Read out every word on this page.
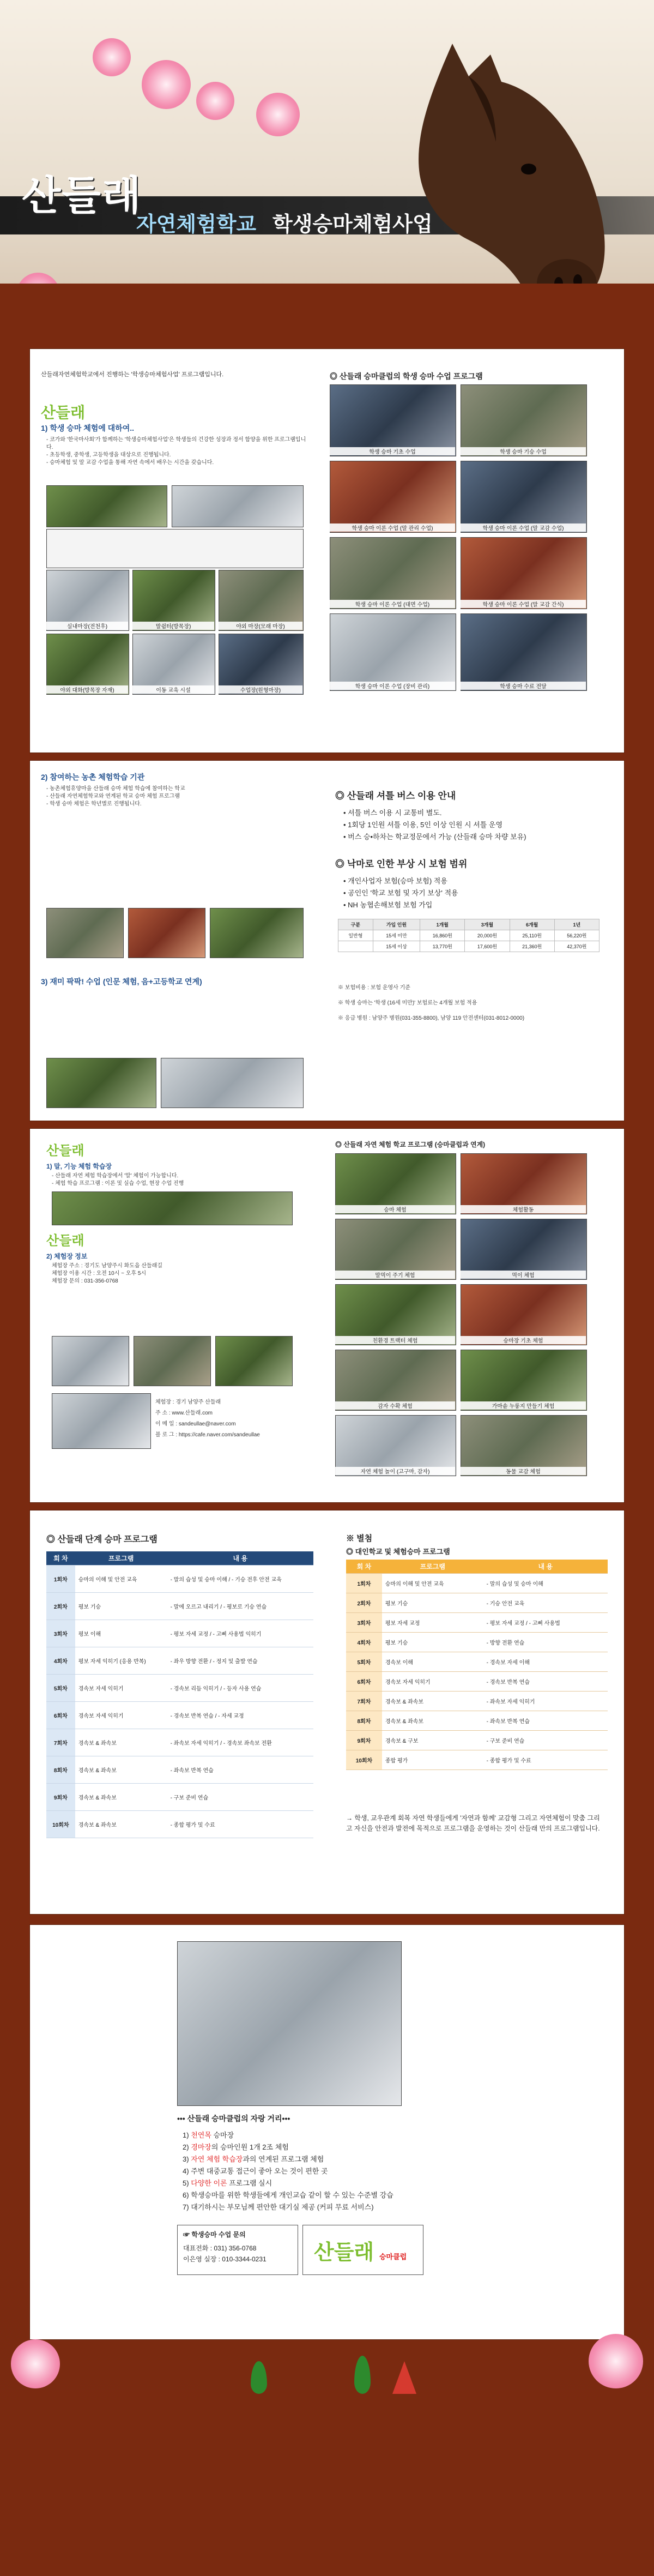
산들래
자연체험학교 학생승마체험사업
산들래자연체험학교에서 진행하는 '학생승마체험사업' 프로그램입니다.
산들래
1) 학생 승마 체험에 대하여..
- 코가와 '한국마사회'가 함께하는 '학생승마체험사업'은 학생들의 건강한 성장과 정서 함양을 위한 프로그램입니다.
- 초등학생, 중학생, 고등학생을 대상으로 진행됩니다.
- 승마체험 및 말 교감 수업을 통해 자연 속에서 배우는 시간을 갖습니다.
실내마장(전천후)	말쉼터(방목장)	야외 마장(모래 마장)
야외 대화(방목장 자재)	이동 교육 시설	수업장(원형마장)
◎ 산들래 승마클럽의 학생 승마 수업 프로그램
학생 승마 기초 수업	학생 승마 기승 수업
학생 승마 이론 수업 (말 관리 수업)	학생 승마 이론 수업 (말 교감 수업)
학생 승마 이론 수업 (대면 수업)	학생 승마 이론 수업 (말 교감 간식)
학생 승마 이론 수업 (장비 관리)	학생 승마 수료 전달
2) 참여하는 농촌 체험학습 기관
- 농촌체험휴양마을 산들래 승마 체험 학습에 참여하는 학교
- 산들래 자연체험학교와 연계된 학교 승마 체험 프로그램
- 학생 승마 체험은 학년별로 진행됩니다.
3) 재미 팍팍! 수업 (인문 체험, 음+고등학교 연계)
◎ 산들래 셔틀 버스 이용 안내
• 셔틀 버스 이용 시 교통비 별도.
• 1회당 1인원 셔틀 이용, 5인 이상 인원 시 셔틀 운영
• 버스 승•하차는 학교정문에서 가능 (산들래 승마 차량 보유)
◎ 낙마로 인한 부상 시 보험 범위
• 개인사업자 보험(승마 보험) 적용
• 공인인 '학교 보험 및 자기 보상' 적용
• NH 농협손해보험 보험 가입
구분	가입 인원	1개월	3개월	6개월	1년
일반형	15세 미만	16,860원	20,000원	25,110원	56,220원
	15세 이상	13,770원	17,600원	21,360원	42,370원
※ 보험비용 : 보험 운영사 기준
※ 학생 승마는 '학생 (16세 미만)' 보험료는 4개월 보험 적용
※ 응급 병원 : 남양주 병원(031-355-8800), 남양 119 안전센터(031-8012-0000)
산들래
1) 말, 기능 체험 학습장
- 산들래 자연 체험 학습장에서 '말' 체험이 가능합니다.
- 체험 학습 프로그램 : 이론 및 실습 수업, 현장 수업 진행
산들래
2) 체험장 정보
체험장 주소 : 경기도 남양주시 화도읍 산들래길
체험장 이용 시간 : 오전 10시 ~ 오후 5시
체험장 문의 : 031-356-0768
체험장 : 경기 남양주 산들래
주 소 : www.산들래.com
이 메 일 : sandeullae@naver.com
블 로 그 : https://cafe.naver.com/sandeullae
◎ 산들래 자연 체험 학교 프로그램 (승마클럽과 연계)
승마 체험	체험활동
말먹이 주기 체험	먹이 체험
친환경 트랙터 체험	승마장 기초 체험
감자 수확 체험	가마솥 누룽지 만들기 체험
자연 체험 놀이 (고구마, 감자)	동물 교감 체험
◎ 산들래 단계 승마 프로그램
회 차	프로그램	내 용
1회차	승마의 이해 및 안전 교육	- 말의 습성 및 승마 이해 / - 기승 전후 안전 교육
2회차	평보 기승	- 말에 오르고 내리기 / - 평보로 기승 연습
3회차	평보 이해	- 평보 자세 교정 / - 고삐 사용법 익히기
4회차	평보 자세 익히기 (응용 반복)	- 좌우 방향 전환 / - 정지 및 출발 연습
5회차	경속보 자세 익히기	- 경속보 리듬 익히기 / - 등자 사용 연습
6회차	경속보 자세 익히기	- 경속보 반복 연습 / - 자세 교정
7회차	경속보 & 좌속보	- 좌속보 자세 익히기 / - 경속보 좌속보 전환
8회차	경속보 & 좌속보	- 좌속보 반복 연습
9회차	경속보 & 좌속보	- 구보 준비 연습
10회차	경속보 & 좌속보	- 종합 평가 및 수료
※ 별첨
◎ 대인학교 및 체험승마 프로그램
회 차	프로그램	내 용
1회차	승마의 이해 및 안전 교육	- 말의 습성 및 승마 이해
2회차	평보 기승	- 기승 안전 교육
3회차	평보 자세 교정	- 평보 자세 교정 / - 고삐 사용법
4회차	평보 기승	- 방향 전환 연습
5회차	경속보 이해	- 경속보 자세 이해
6회차	경속보 자세 익히기	- 경속보 반복 연습
7회차	경속보 & 좌속보	- 좌속보 자세 익히기
8회차	경속보 & 좌속보	- 좌속보 반복 연습
9회차	경속보 & 구보	- 구보 준비 연습
10회차	종합 평가	- 종합 평가 및 수료
→ 학생, 교우관계 회복 자연 학생들에게 '자연과 함께' 교감형 그리고 자연체험이 맞춤 그리고 자신을 안전과 발전에 목적으로 프로그램을 운영하는 것이 산들래 만의 프로그램입니다.
••• 산들래 승마클럽의 자랑 거리•••
1) 천연목 승마장
2) 경마장의 승마인원 1개 2조 체험
3) 자연 체험 학습장과의 연계된 프로그램 체험
4) 주변 대중교통 접근이 좋아 오는 것이 편한 곳
5) 다양한 이론 프로그램 실시
6) 학생승마를 위한 학생들에게 개인교습 같이 할 수 있는 수준별 강습
7) 대기하시는 부모님께 편안한 대기실 제공 (커피 무료 서비스)
☞ 학생승마 수업 문의
대표전화 : 031) 356-0768
이은영 실장 : 010-3344-0231 산들래 승마클럽
